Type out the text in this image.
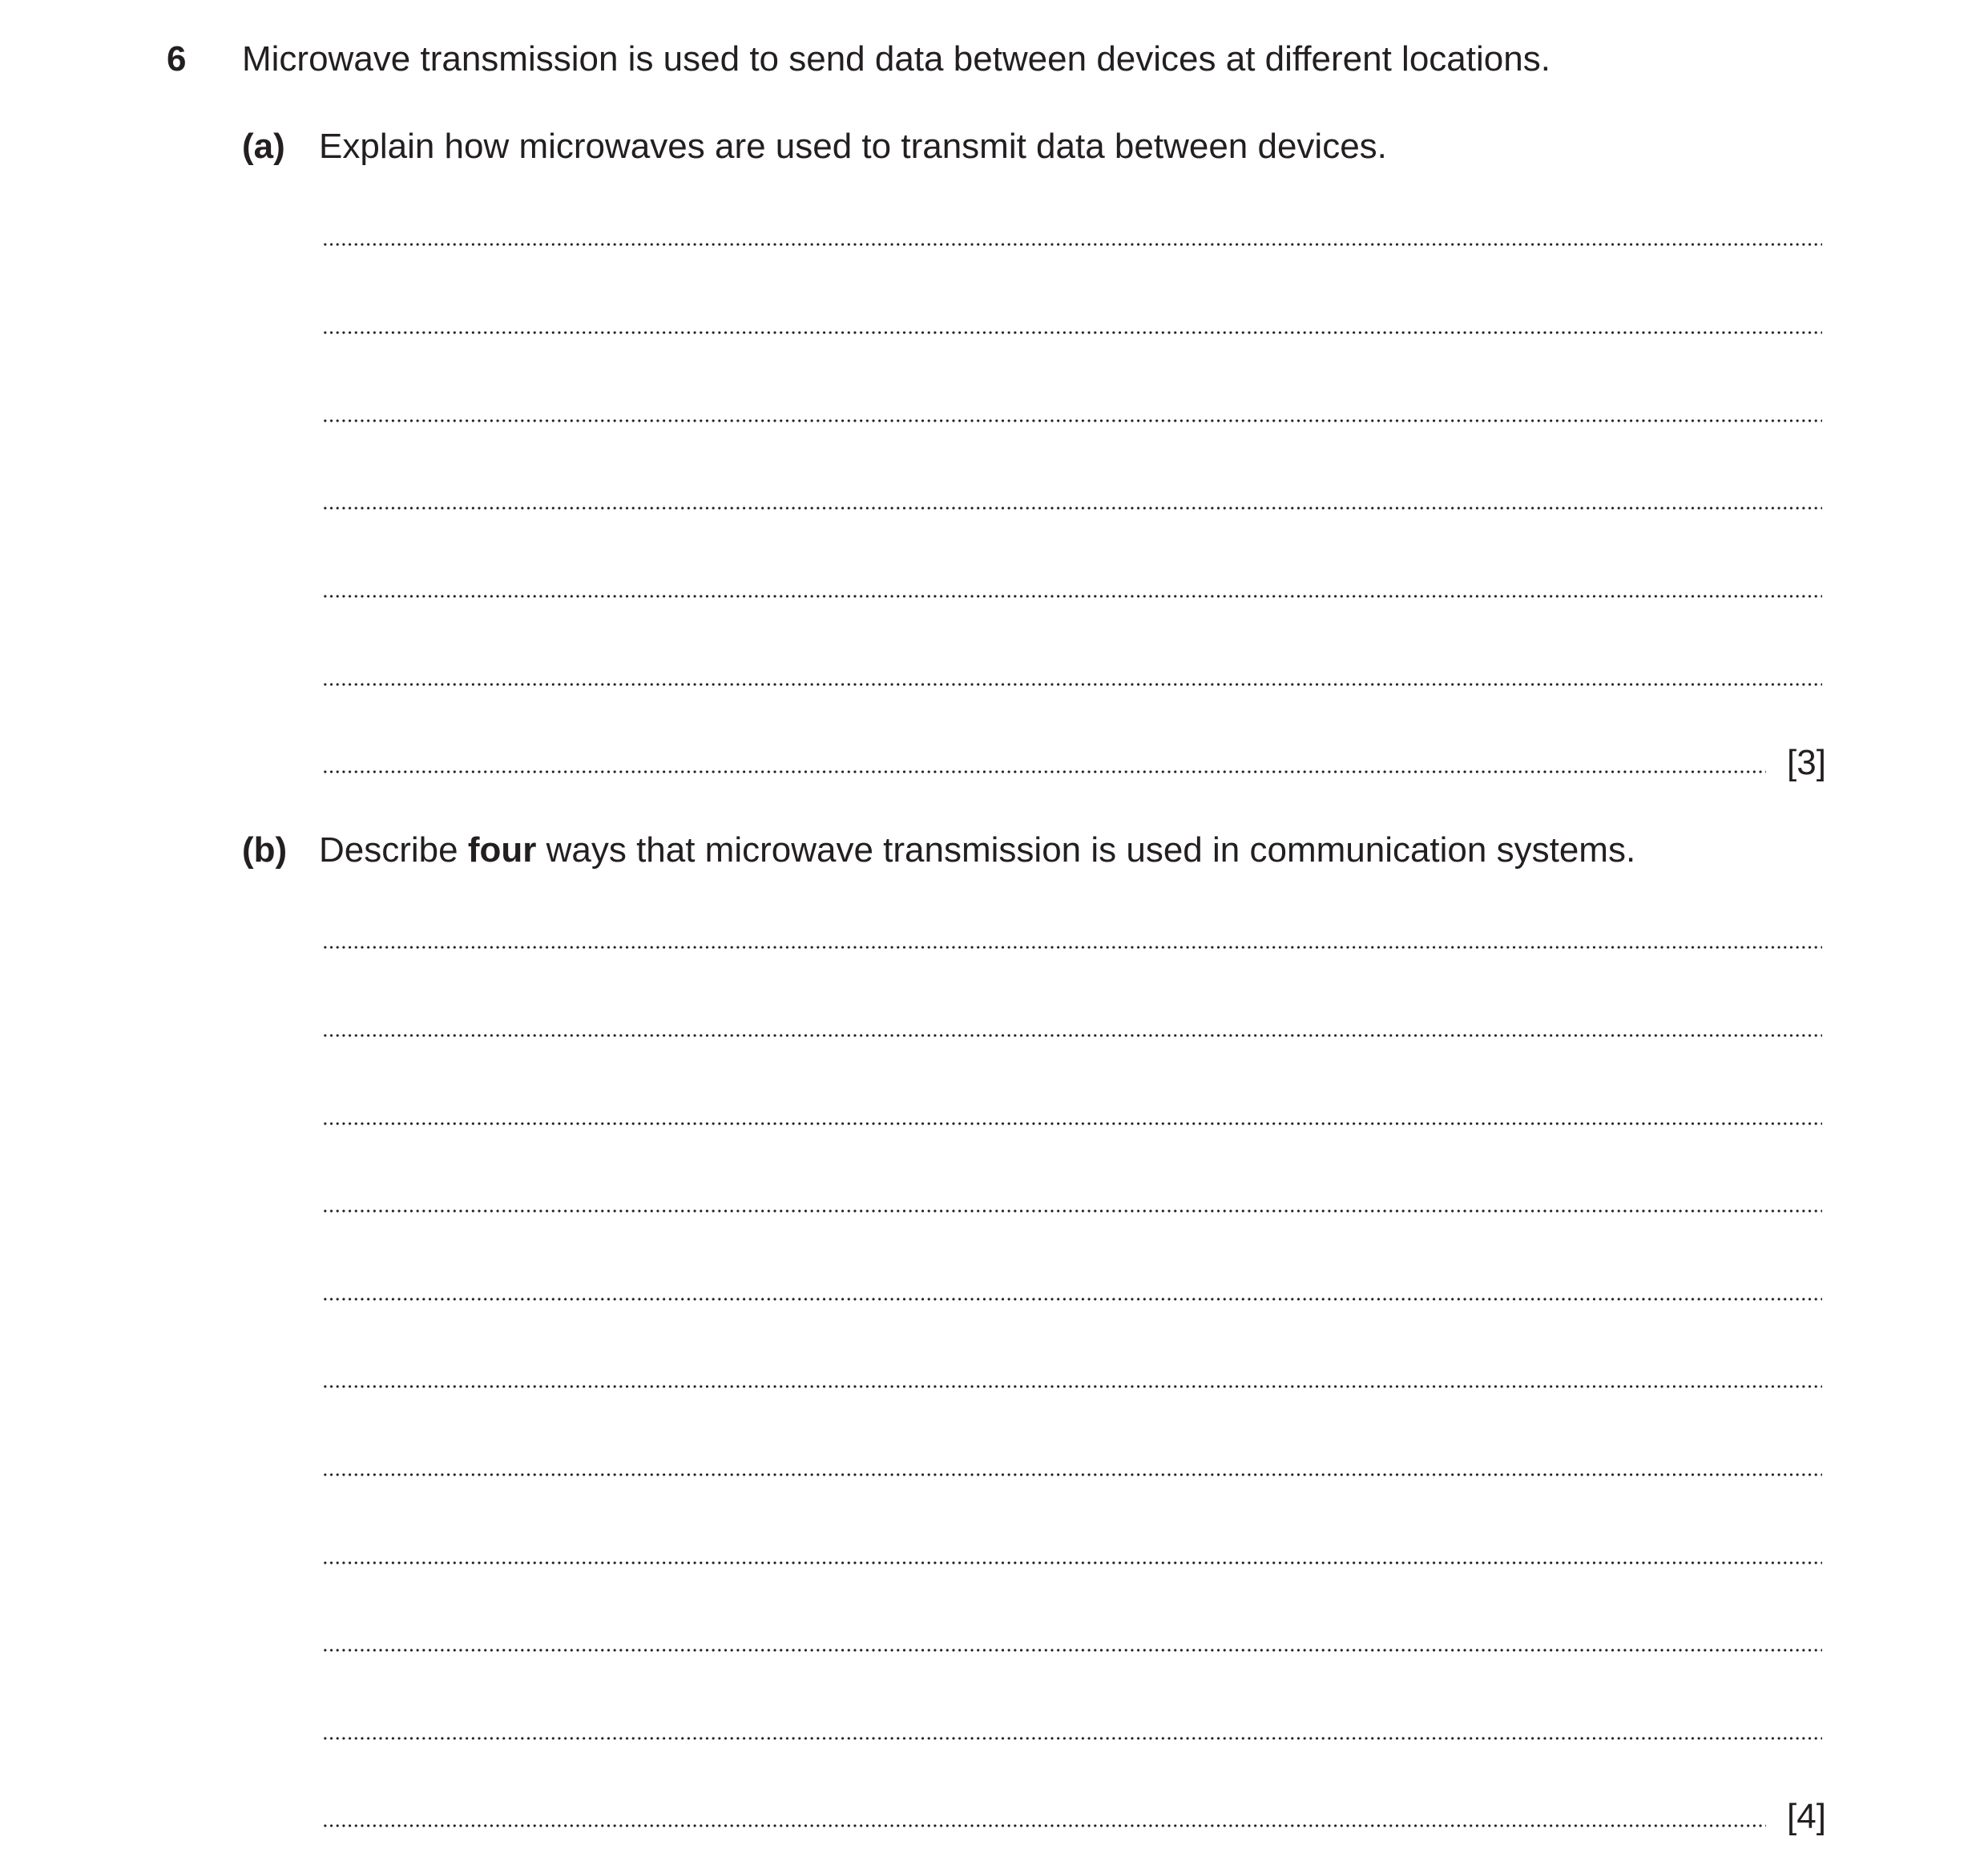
6 Microwave transmission is used to send data between devices at different locations.
(a) Explain how microwaves are used to transmit data between devices.
[3]
(b) Describe four ways that microwave transmission is used in communication systems.
[4]
